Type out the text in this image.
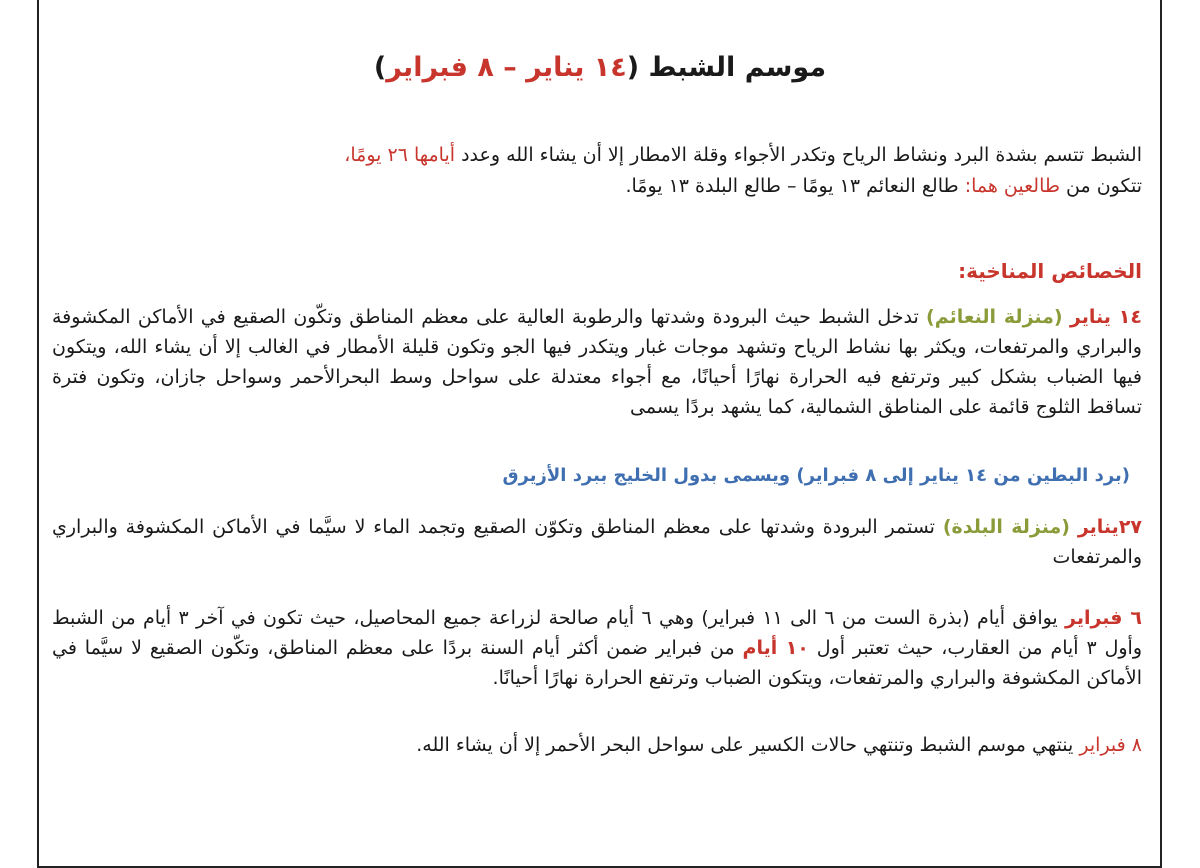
موسم الشبط (١٤ يناير – ٨ فبراير)
الشبط تتسم بشدة البرد ونشاط الرياح وتكدر الأجواء وقلة الامطار إلا أن يشاء الله وعدد أيامها ٢٦ يومًا،
تتكون من طالعين هما: طالع النعائم ١٣ يومًا – طالع البلدة ١٣ يومًا.
الخصائص المناخية:
١٤ يناير (منزلة النعائم) تدخل الشبط حيث البرودة وشدتها والرطوبة العالية على معظم المناطق وتكّون الصقيع في الأماكن المكشوفة والبراري والمرتفعات، ويكثر بها نشاط الرياح وتشهد موجات غبار ويتكدر فيها الجو وتكون قليلة الأمطار في الغالب إلا أن يشاء الله، ويتكون فيها الضباب بشكل كبير وترتفع فيه الحرارة نهارًا أحيانًا، مع أجواء معتدلة على سواحل وسط البحرالأحمر وسواحل جازان، وتكون فترة تساقط الثلوج قائمة على المناطق الشمالية، كما يشهد بردًا يسمى
(برد البطين من ١٤ يناير إلى ٨ فبراير) ويسمى بدول الخليج ببرد الأزيرق
٢٧يناير (منزلة البلدة) تستمر البرودة وشدتها على معظم المناطق وتكوّن الصقيع وتجمد الماء لا سيَّما في الأماكن المكشوفة والبراري والمرتفعات
٦ فبراير يوافق أيام (بذرة الست من ٦ الى ١١ فبراير) وهي ٦ أيام صالحة لزراعة جميع المحاصيل، حيث تكون في آخر ٣ أيام من الشبط وأول ٣ أيام من العقارب، حيث تعتبر أول ١٠ أيام من فبراير ضمن أكثر أيام السنة بردًا على معظم المناطق، وتكّون الصقيع لا سيَّما في الأماكن المكشوفة والبراري والمرتفعات، ويتكون الضباب وترتفع الحرارة نهارًا أحيانًا.
٨ فبراير ينتهي موسم الشبط وتنتهي حالات الكسير على سواحل البحر الأحمر إلا أن يشاء الله.
